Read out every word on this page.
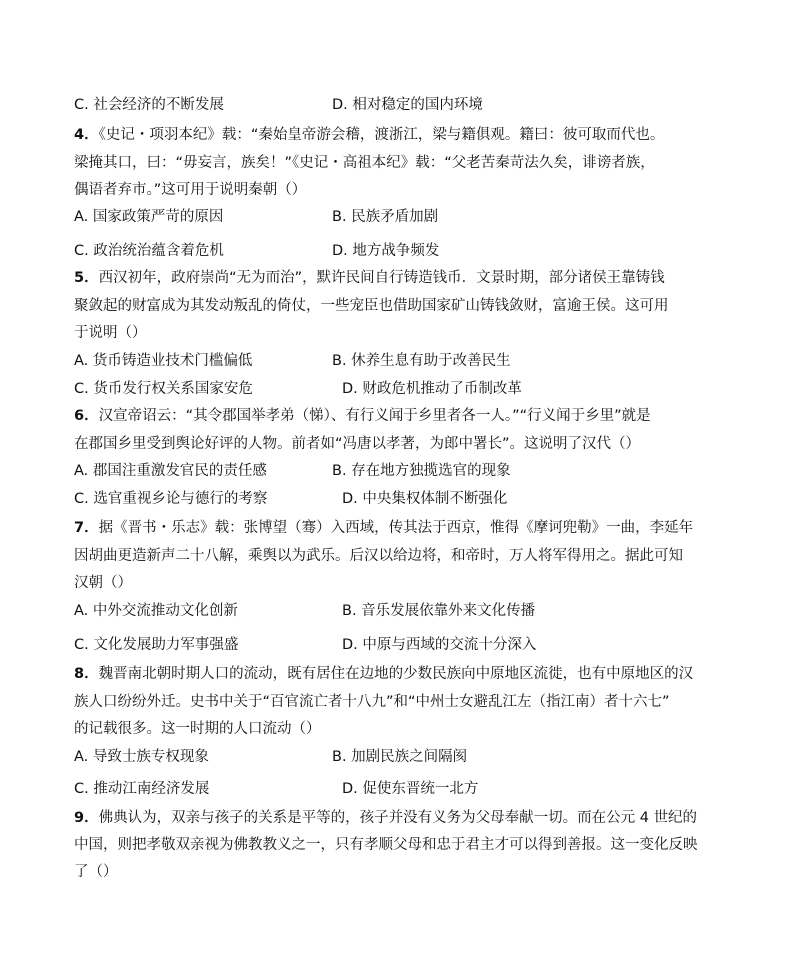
C. 社会经济的不断发展	D. 相对稳定的国内环境
4．《史记・项羽本纪》载：“秦始皇帝游会稽，渡浙江，梁与籍俱观。籍曰：彼可取而代也。
梁掩其口，曰：“毋妄言，族矣！”《史记・高祖本纪》载：“父老苦秦苛法久矣，诽谤者族，
偶语者弃市。”这可用于说明秦朝（）
A. 国家政策严苛的原因	B. 民族矛盾加剧
C. 政治统治蕴含着危机	D. 地方战争频发
5．西汉初年，政府崇尚“无为而治”，默许民间自行铸造钱币．文景时期，部分诸侯王靠铸钱
聚敛起的财富成为其发动叛乱的倚仗，一些宠臣也借助国家矿山铸钱敛财，富逾王侯。这可用
于说明（）
A. 货币铸造业技术门槛偏低	B. 休养生息有助于改善民生
C. 货币发行权关系国家安危	D. 财政危机推动了币制改革
6．汉宣帝诏云：“其令郡国举孝弟（悌）、有行义闻于乡里者各一人。”“行义闻于乡里”就是
在郡国乡里受到舆论好评的人物。前者如“冯唐以孝著，为郎中署长”。这说明了汉代（）
A. 郡国注重激发官民的责任感	B. 存在地方独揽选官的现象
C. 选官重视乡论与德行的考察	D. 中央集权体制不断强化
7．据《晋书・乐志》载：张博望（骞）入西域，传其法于西京，惟得《摩诃兜勒》一曲，李延年
因胡曲更造新声二十八解，乘舆以为武乐。后汉以给边将，和帝时，万人将军得用之。据此可知
汉朝（）
A. 中外交流推动文化创新	B. 音乐发展依靠外来文化传播
C. 文化发展助力军事强盛	D. 中原与西域的交流十分深入
8．魏晋南北朝时期人口的流动，既有居住在边地的少数民族向中原地区流徙，也有中原地区的汉
族人口纷纷外迁。史书中关于“百官流亡者十八九”和“中州士女避乱江左（指江南）者十六七”
的记载很多。这一时期的人口流动（）
A. 导致士族专权现象	B. 加剧民族之间隔阂
C. 推动江南经济发展	D. 促使东晋统一北方
9．佛典认为，双亲与孩子的关系是平等的，孩子并没有义务为父母奉献一切。而在公元 4 世纪的
中国，则把孝敬双亲视为佛教教义之一，只有孝顺父母和忠于君主才可以得到善报。这一变化反映
了（）
